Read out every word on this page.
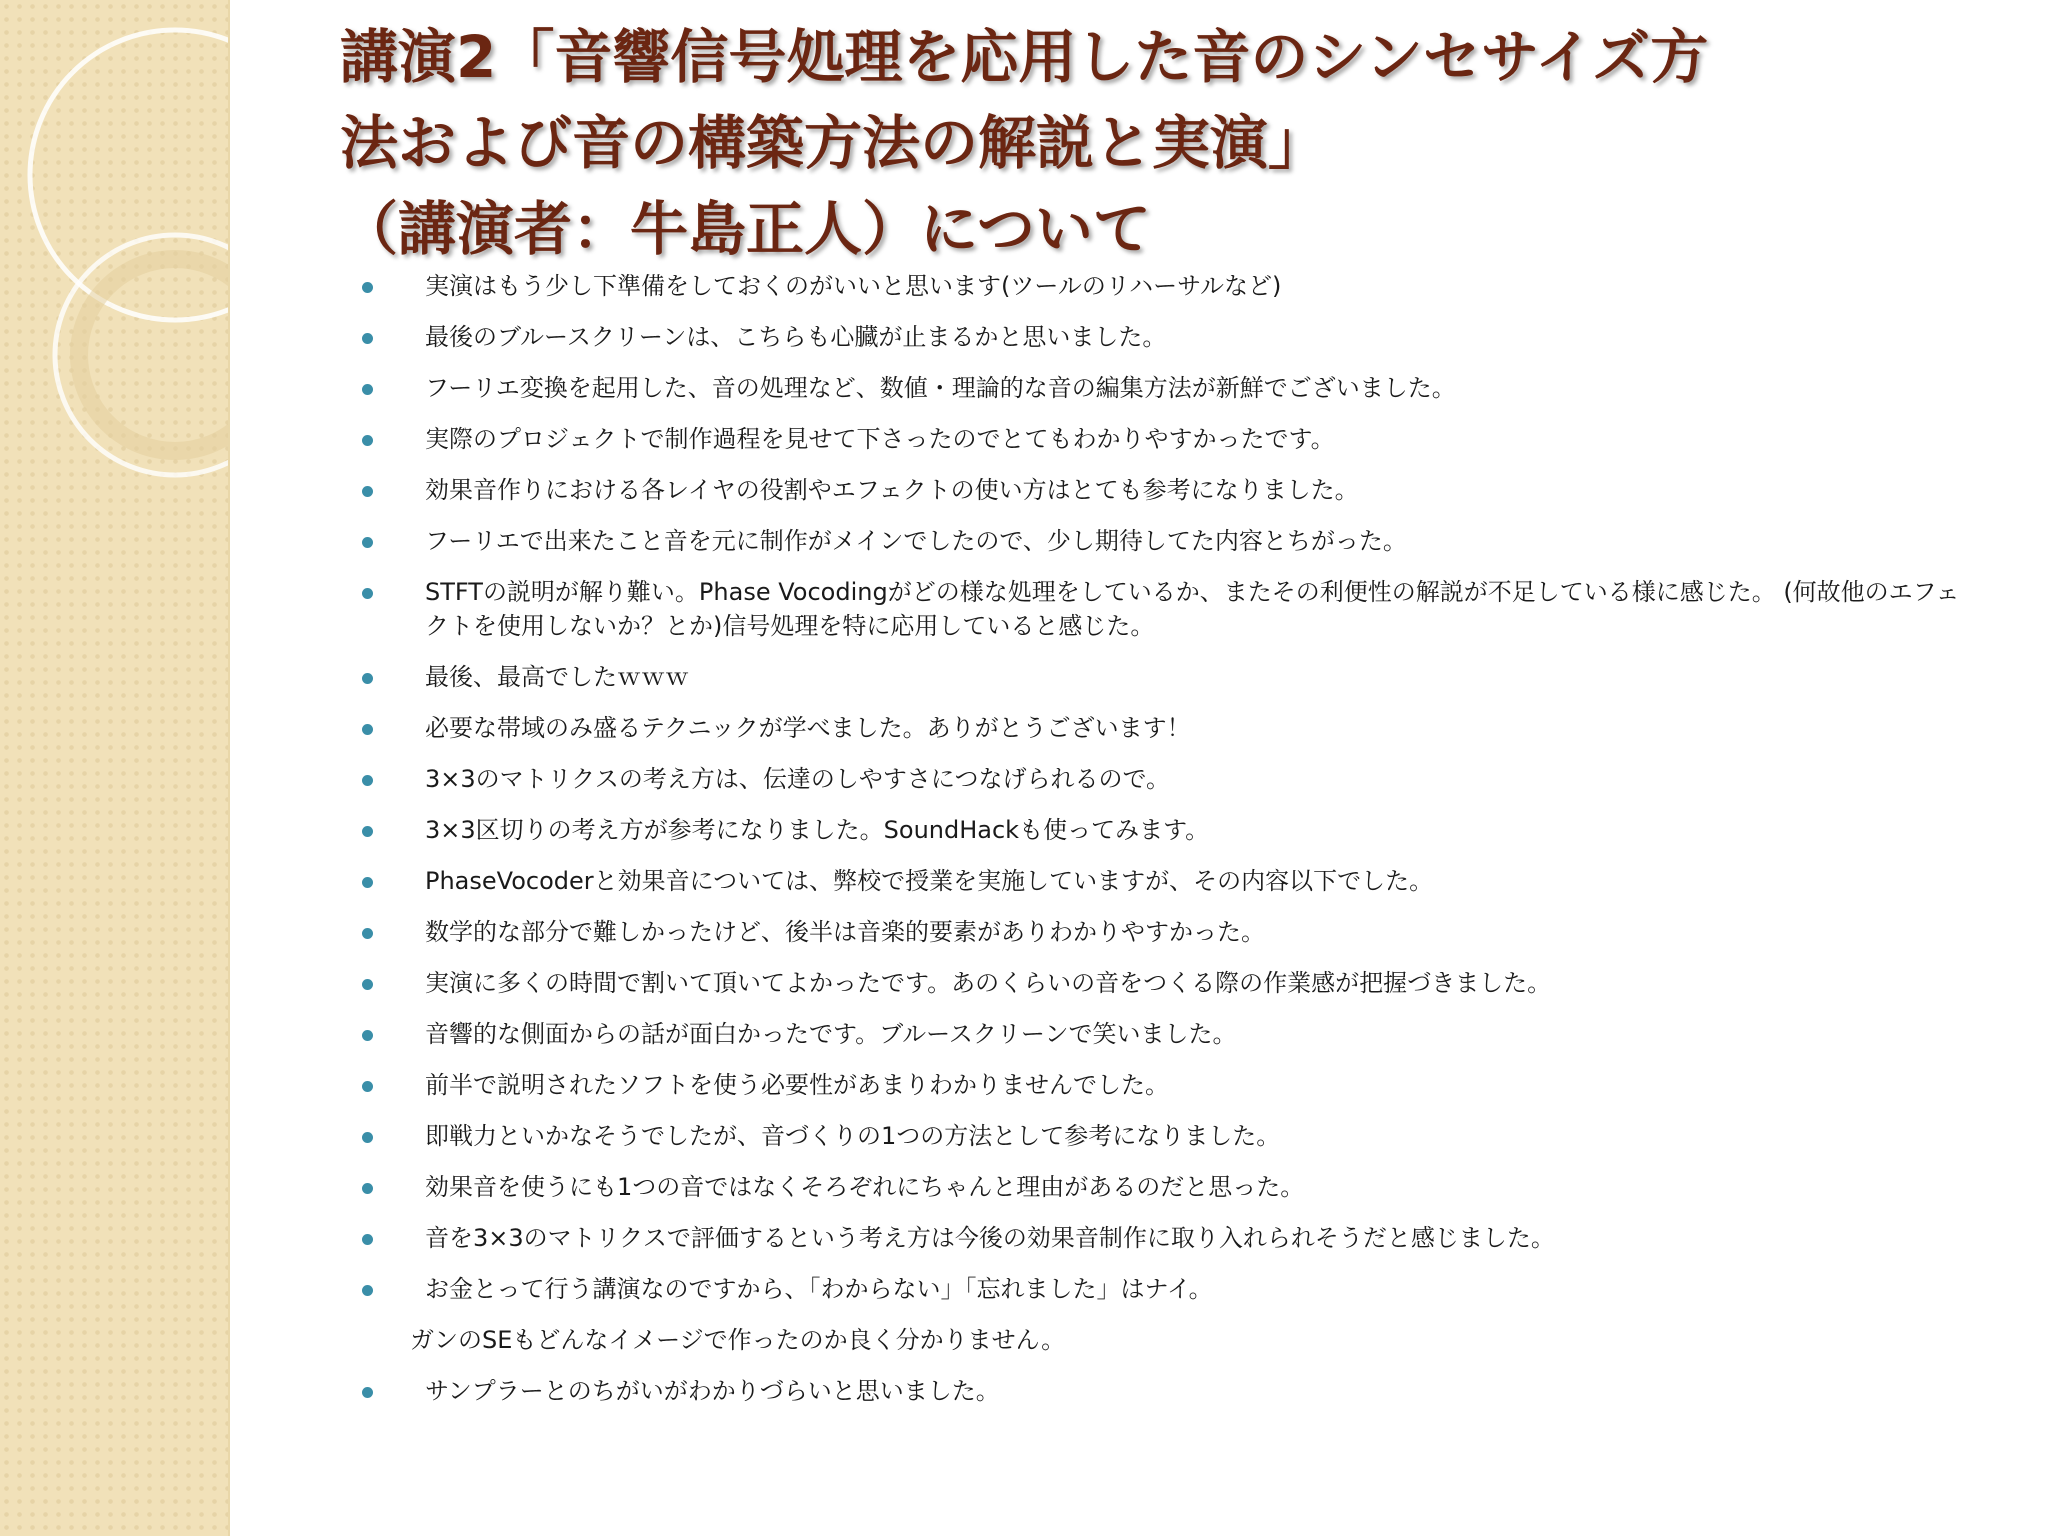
講演2「音響信号処理を応用した音のシンセサイズ方
法および音の構築方法の解説と実演」
（講演者：牛島正人）について
実演はもう少し下準備をしておくのがいいと思います(ツールのリハーサルなど)
最後のブルースクリーンは、こちらも心臓が止まるかと思いました。
フーリエ変換を起用した、音の処理など、数値・理論的な音の編集方法が新鮮でございました。
実際のプロジェクトで制作過程を見せて下さったのでとてもわかりやすかったです。
効果音作りにおける各レイヤの役割やエフェクトの使い方はとても参考になりました。
フーリエで出来たこと音を元に制作がメインでしたので、少し期待してた内容とちがった。
STFTの説明が解り難い。Phase Vocodingがどの様な処理をしているか、またその利便性の解説が不足している様に感じた。 (何故他のエフェクトを使用しないか？とか)信号処理を特に応用していると感じた。
最後、最高でしたｗｗｗ
必要な帯域のみ盛るテクニックが学べました。ありがとうございます！
3×3のマトリクスの考え方は、伝達のしやすさにつなげられるので。
3×3区切りの考え方が参考になりました。SoundHackも使ってみます。
PhaseVocoderと効果音については、弊校で授業を実施していますが、その内容以下でした。
数学的な部分で難しかったけど、後半は音楽的要素がありわかりやすかった。
実演に多くの時間で割いて頂いてよかったです。あのくらいの音をつくる際の作業感が把握づきました。
音響的な側面からの話が面白かったです。ブルースクリーンで笑いました。
前半で説明されたソフトを使う必要性があまりわかりませんでした。
即戦力といかなそうでしたが、音づくりの1つの方法として参考になりました。
効果音を使うにも1つの音ではなくそろぞれにちゃんと理由があるのだと思った。
音を3×3のマトリクスで評価するという考え方は今後の効果音制作に取り入れられそうだと感じました。
お金とって行う講演なのですから、「わからない」「忘れました」はナイ。
ガンのSEもどんなイメージで作ったのか良く分かりません。
サンプラーとのちがいがわかりづらいと思いました。
